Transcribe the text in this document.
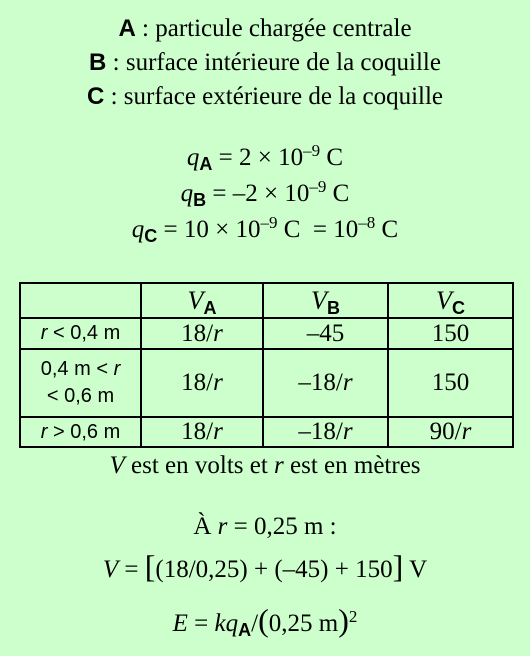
A : particule chargée centrale
B : surface intérieure de la coquille
C : surface extérieure de la coquille
$q_A = 2 \times 10^{-9}$ C
$q_B = -2 \times 10^{-9}$ C
$q_C = 10 \times 10^{-9}$ $C = 10^{-8}$ C
	$V_A$	$V_B$	$V_C$
r < 0,4 m	18/r	–45	150
0,4 m < r
< 0,6 m	18/r	–18/r	150
r > 0,6 m	18/r	–18/r	90/r
V est en volts et r est en mètres
À r = 0,25 m :
V = [(18/0,25) + (–45) + 150] V
$E = kq_A/(0,25$ m)$^2$
